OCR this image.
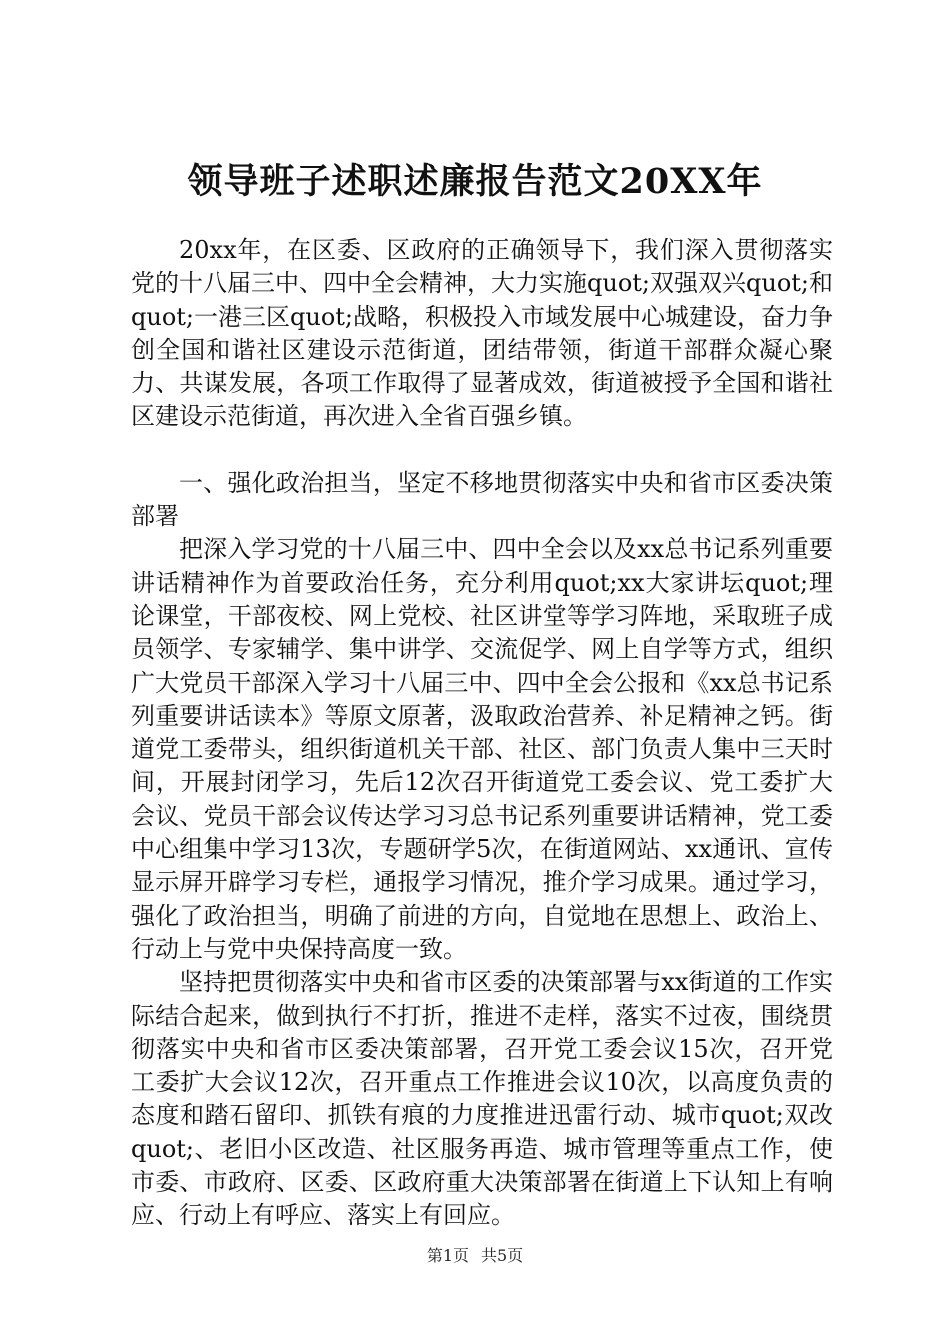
领导班子述职述廉报告范文20XX年

20xx年，在区委、区政府的正确领导下，我们深入贯彻落实党的十八届三中、四中全会精神，大力实施quot;双强双兴quot;和quot;一港三区quot;战略，积极投入市域发展中心城建设，奋力争创全国和谐社区建设示范街道，团结带领，街道干部群众凝心聚力、共谋发展，各项工作取得了显著成效，街道被授予全国和谐社区建设示范街道，再次进入全省百强乡镇。

一、强化政治担当，坚定不移地贯彻落实中央和省市区委决策部署

把深入学习党的十八届三中、四中全会以及xx总书记系列重要讲话精神作为首要政治任务，充分利用quot;xx大家讲坛quot;理论课堂，干部夜校、网上党校、社区讲堂等学习阵地，采取班子成员领学、专家辅学、集中讲学、交流促学、网上自学等方式，组织广大党员干部深入学习十八届三中、四中全会公报和《xx总书记系列重要讲话读本》等原文原著，汲取政治营养、补足精神之钙。街道党工委带头，组织街道机关干部、社区、部门负责人集中三天时间，开展封闭学习，先后12次召开街道党工委会议、党工委扩大会议、党员干部会议传达学习习总书记系列重要讲话精神，党工委中心组集中学习13次，专题研学5次，在街道网站、xx通讯、宣传显示屏开辟学习专栏，通报学习情况，推介学习成果。通过学习，强化了政治担当，明确了前进的方向，自觉地在思想上、政治上、行动上与党中央保持高度一致。

坚持把贯彻落实中央和省市区委的决策部署与xx街道的工作实际结合起来，做到执行不打折，推进不走样，落实不过夜，围绕贯彻落实中央和省市区委决策部署，召开党工委会议15次，召开党工委扩大会议12次，召开重点工作推进会议10次，以高度负责的态度和踏石留印、抓铁有痕的力度推进迅雷行动、城市quot;双改quot;、老旧小区改造、社区服务再造、城市管理等重点工作，使市委、市政府、区委、区政府重大决策部署在街道上下认知上有响应、行动上有呼应、落实上有回应。

第1页 共5页
